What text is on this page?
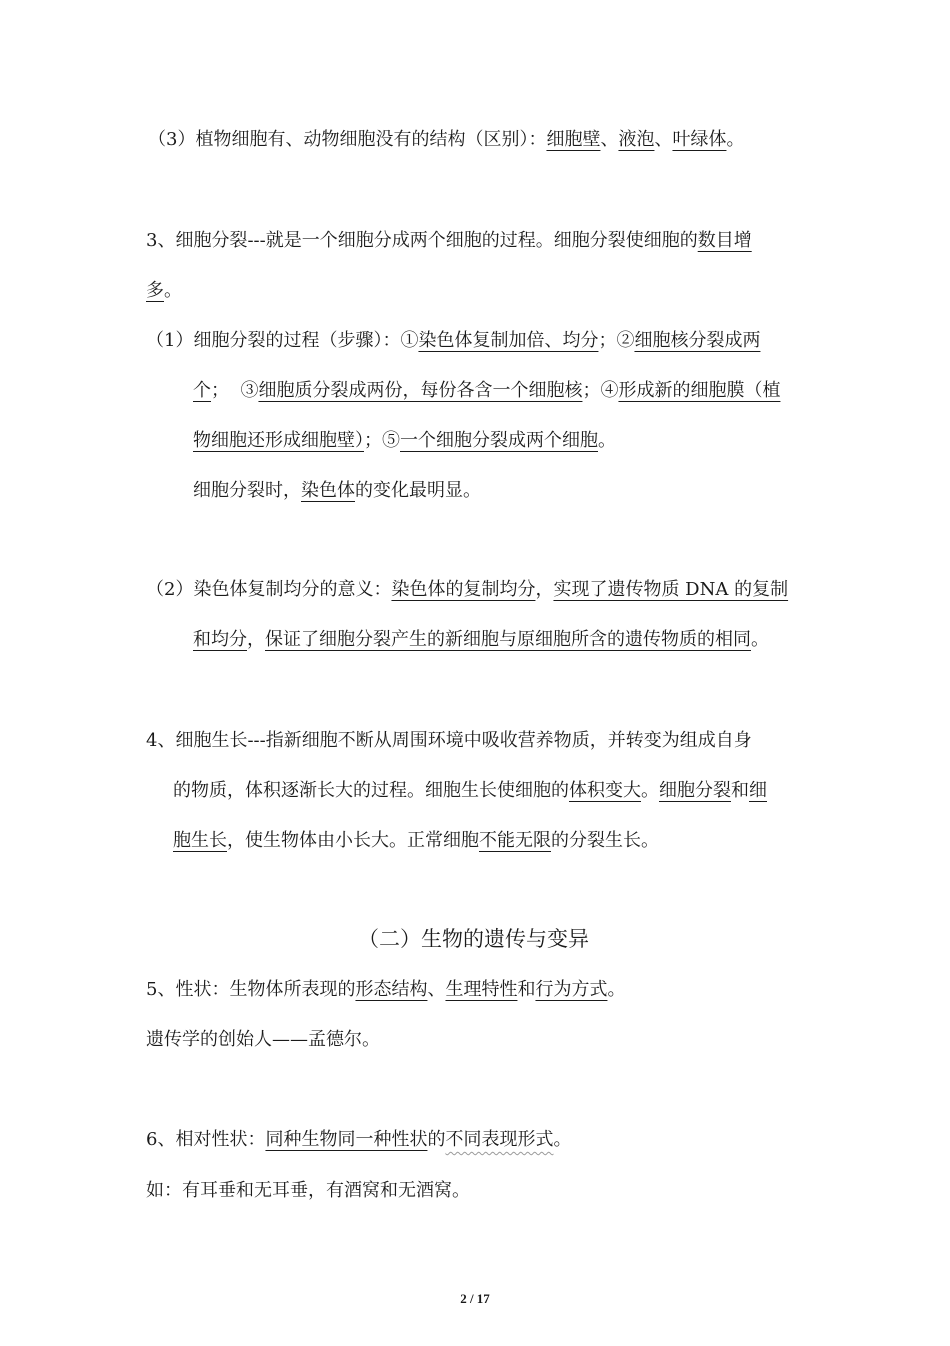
（3）植物细胞有、动物细胞没有的结构（区别）：细胞壁、液泡、叶绿体。
3、细胞分裂---就是一个细胞分成两个细胞的过程。细胞分裂使细胞的数目增
多。
（1）细胞分裂的过程（步骤）：①染色体复制加倍、均分；②细胞核分裂成两
个；  ③细胞质分裂成两份，每份各含一个细胞核；④形成新的细胞膜（植
物细胞还形成细胞壁）；⑤一个细胞分裂成两个细胞。
细胞分裂时，染色体的变化最明显。
（2）染色体复制均分的意义：染色体的复制均分，实现了遗传物质 DNA 的复制
和均分，保证了细胞分裂产生的新细胞与原细胞所含的遗传物质的相同。
4、细胞生长---指新细胞不断从周围环境中吸收营养物质，并转变为组成自身
的物质，体积逐渐长大的过程。细胞生长使细胞的体积变大。细胞分裂和细
胞生长，使生物体由小长大。正常细胞不能无限的分裂生长。
（二）生物的遗传与变异
5、性状：生物体所表现的形态结构、生理特性和行为方式。
遗传学的创始人——孟德尔。
6、相对性状：同种生物同一种性状的不同表现形式。
如：有耳垂和无耳垂，有酒窝和无酒窝。
2 / 17
